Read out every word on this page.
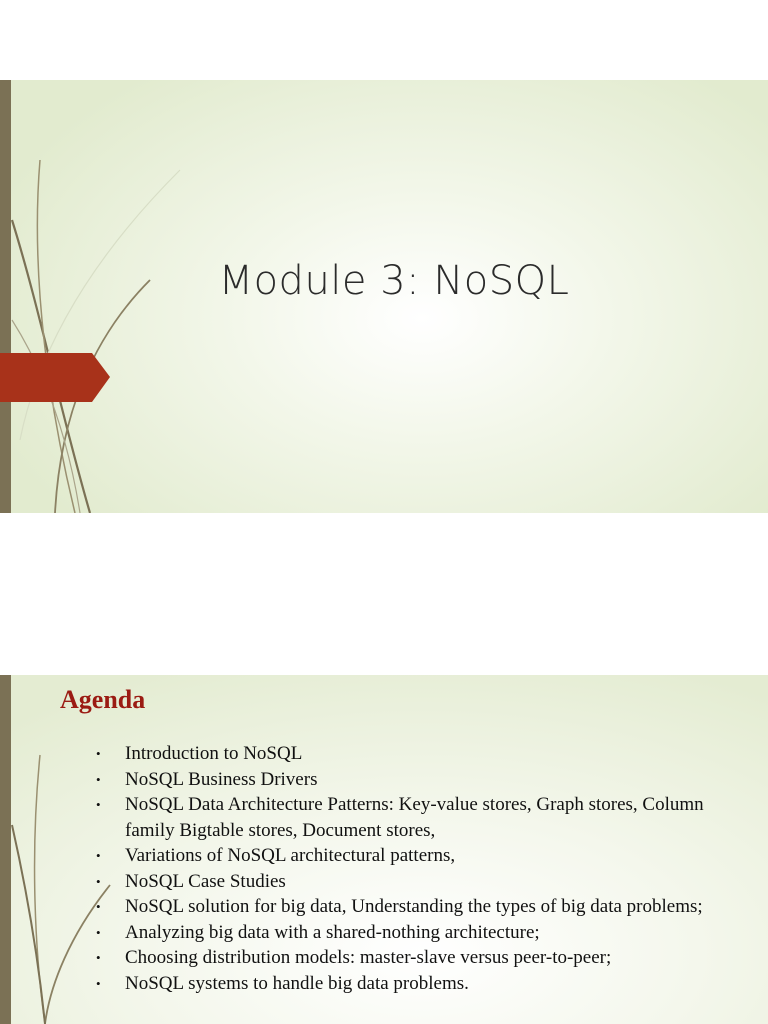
Module 3: NoSQL
Agenda
• Introduction to NoSQL
• NoSQL Business Drivers
• NoSQL Data Architecture Patterns: Key-value stores, Graph stores, Column family Bigtable stores, Document stores,
• Variations of NoSQL architectural patterns,
• NoSQL Case Studies
• NoSQL solution for big data, Understanding the types of big data problems;
• Analyzing big data with a shared-nothing architecture;
• Choosing distribution models: master-slave versus peer-to-peer;
• NoSQL systems to handle big data problems.
